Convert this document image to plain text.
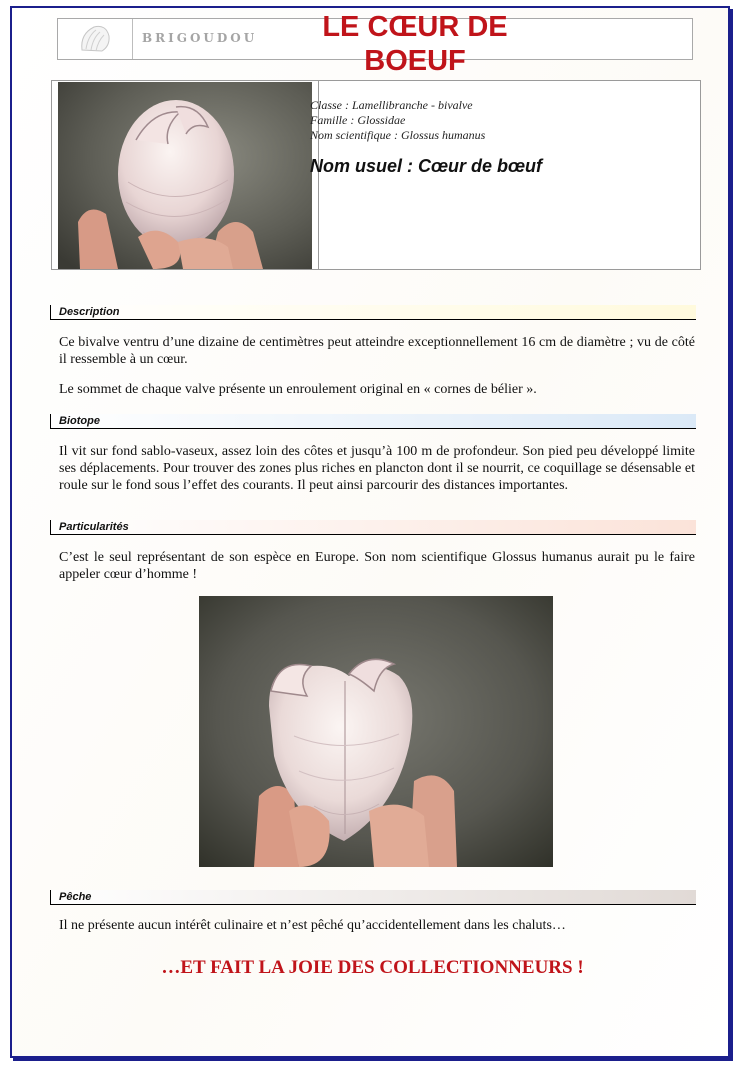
BRIGOUDOU	LE CŒUR DE BOEUF
Classe : Lamellibranche - bivalve
Famille : Glossidae
Nom scientifique : Glossus humanus
Nom usuel : Cœur de bœuf
Description

Ce bivalve ventru d’une dizaine de centimètres peut atteindre exceptionnellement 16 cm de diamètre ; vu de côté il ressemble à un cœur.

Le sommet de chaque valve présente un enroulement original en « cornes de bélier ».

Biotope

Il vit sur fond sablo-vaseux, assez loin des côtes et jusqu’à 100 m de profondeur. Son pied peu développé limite ses déplacements. Pour trouver des zones plus riches en plancton dont il se nourrit, ce coquillage se désensable et roule sur le fond sous l’effet des courants. Il peut ainsi parcourir des distances importantes.

Particularités

C’est le seul représentant de son espèce en Europe. Son nom scientifique Glossus humanus aurait pu le faire appeler cœur d’homme !

Pêche

Il ne présente aucun intérêt culinaire et n’est pêché qu’accidentellement dans les chaluts…

…ET FAIT LA JOIE DES COLLECTIONNEURS !
